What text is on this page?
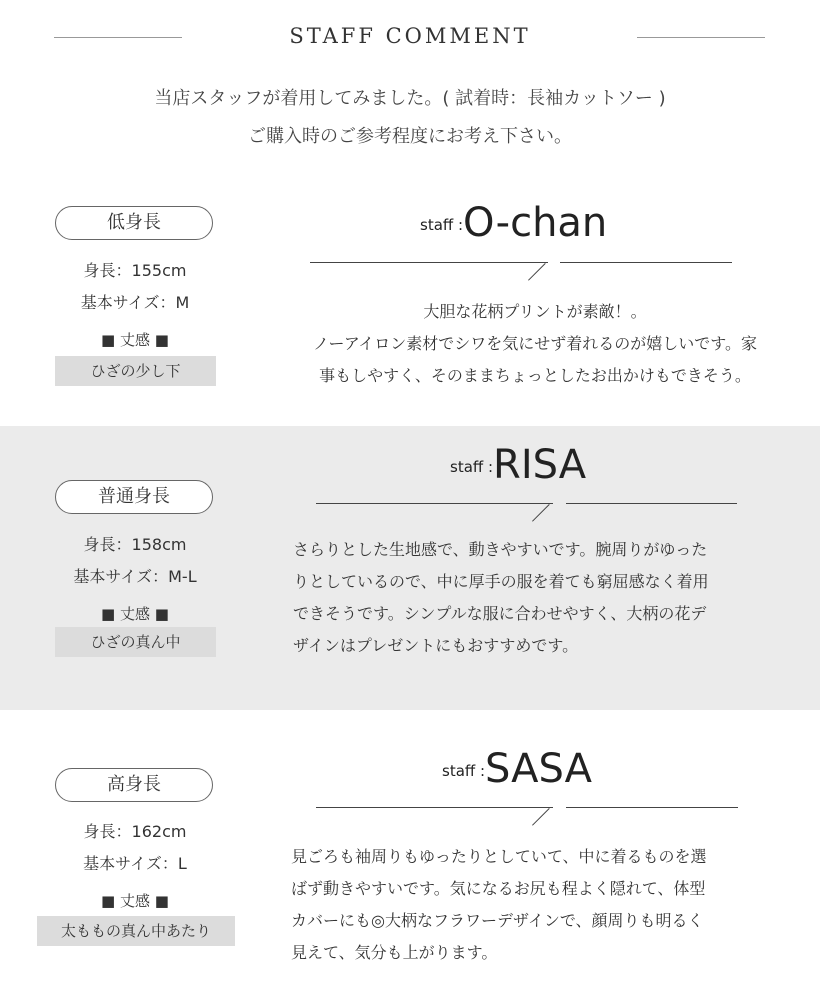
STAFF COMMENT
当店スタッフが着用してみました。( 試着時：長袖カットソー )
ご購入時のご参考程度にお考え下さい。
低身長
身長：155cm
基本サイズ：M
■ 丈感 ■
ひざの少し下
staff :O-chan
大胆な花柄プリントが素敵！。
ノーアイロン素材でシワを気にせず着れるのが嬉しいです。家
事もしやすく、そのままちょっとしたお出かけもできそう。
普通身長
身長：158cm
基本サイズ：M-L
■ 丈感 ■
ひざの真ん中
staff :RISA
さらりとした生地感で、動きやすいです。腕周りがゆった
りとしているので、中に厚手の服を着ても窮屈感なく着用
できそうです。シンプルな服に合わせやすく、大柄の花デ
ザインはプレゼントにもおすすめです。
高身長
身長：162cm
基本サイズ：L
■ 丈感 ■
太ももの真ん中あたり
staff :SASA
見ごろも袖周りもゆったりとしていて、中に着るものを選
ばず動きやすいです。気になるお尻も程よく隠れて、体型
カバーにも◎大柄なフラワーデザインで、顔周りも明るく
見えて、気分も上がります。
